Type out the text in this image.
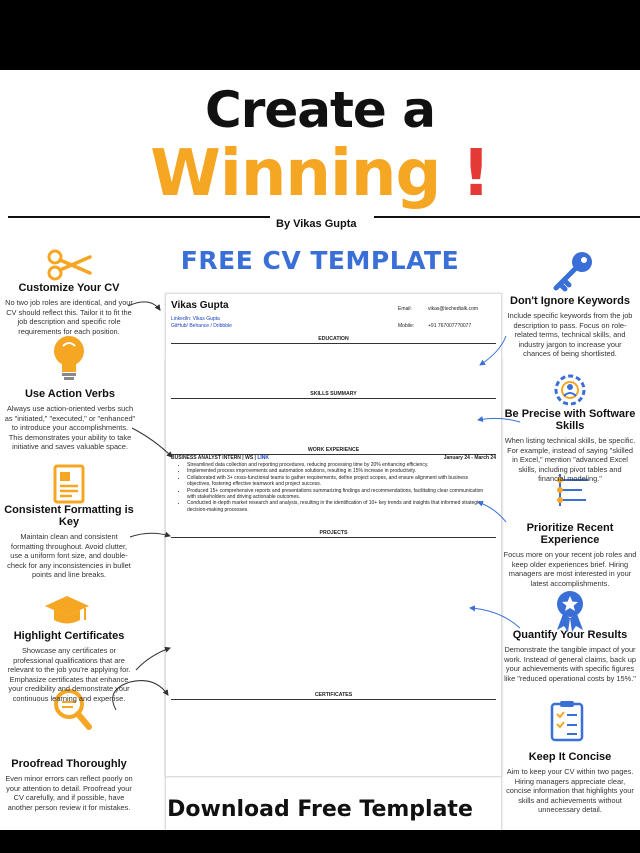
Create a
Winning !
By Vikas Gupta
FREE CV TEMPLATE
Customize Your CV
No two job roles are identical, and your CV should reflect this. Tailor it to fit the job description and specific role requirements for each position.
Use Action Verbs
Always use action-oriented verbs such as "initiated," "executed," or "enhanced" to introduce your accomplishments. This demonstrates your ability to take initiative and saves valuable space.
Consistent Formatting is Key
Maintain clean and consistent formatting throughout. Avoid clutter, use a uniform font size, and double-check for any inconsistencies in bullet points and line breaks.
Highlight Certificates
Showcase any certificates or professional qualifications that are relevant to the job you're applying for. Emphasize certificates that enhance your credibility and demonstrate your continuous learning and expertise.
Proofread Thoroughly
Even minor errors can reflect poorly on your attention to detail. Proofread your CV carefully, and if possible, have another person review it for mistakes.
Don't Ignore Keywords
Include specific keywords from the job description to pass. Focus on role-related terms, technical skills, and industry jargon to increase your chances of being shortlisted.
Be Precise with Software Skills
When listing technical skills, be specific. For example, instead of saying "skilled in Excel," mention "advanced Excel skills, including pivot tables and financial modeling."
Prioritize Recent Experience
Focus more on your recent job roles and keep older experiences brief. Hiring managers are most interested in your latest accomplishments.
Quantify Your Results
Demonstrate the tangible impact of your work. Instead of general claims, back up your achievements with specific figures like "reduced operational costs by 15%."
Keep It Concise
Aim to keep your CV within two pages. Hiring managers appreciate clear, concise information that highlights your skills and achievements without unnecessary detail.
Vikas Gupta
LinkedIn: Vikas Gupta
GitHub/ Behance / Dribbble
Email:	vikas@techedtalk.com
Mobile:	+91 7670077?0077
EDUCATION
SKILLS SUMMARY
WORK EXPERIENCE
BUSINESS ANALYST INTERN | WS | LINK	January 24 - March 24
• Streamlined data collection and reporting procedures, reducing processing time by 20% enhancing efficiency.
• Implemented process improvements and automation solutions, resulting in 15% increase in productivity.
• Collaborated with 3+ cross-functional teams to gather requirements, define project scopes, and ensure alignment with business objectives, fostering effective teamwork and project success.
• Produced 15+ comprehensive reports and presentations summarizing findings and recommendations, facilitating clear communication with stakeholders and driving actionable outcomes.
• Conducted in-depth market research and analysis, resulting in the identification of 10+ key trends and insights that informed strategic decision-making processes.
PROJECTS
CERTIFICATES
Download Free Template
